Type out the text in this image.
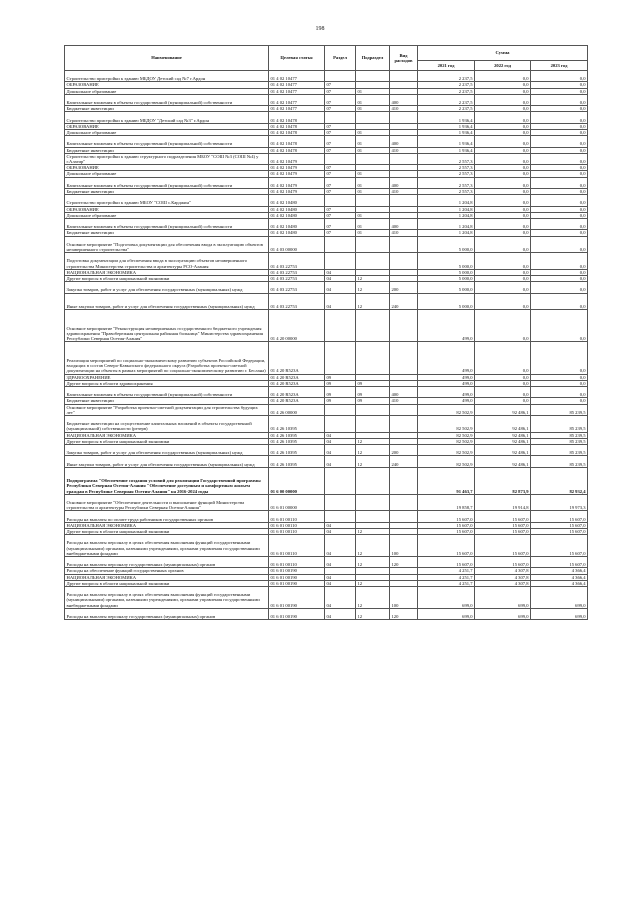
198
Наименование	Целевая статья	Раздел	Подраздел	Вид расходов	Сумма		
					2021 год	2022 год	2023 год
Строительство пристройки к зданию МБДОУ Детский сад №7 г.Ардон	01 4 02 10477				2 237,5	0,0	0,0
ОБРАЗОВАНИЕ	01 4 02 10477	07			2 237,5	0,0	0,0
Дошкольное образование	01 4 02 10477	07	01		2 237,5	0,0	0,0
Капитальные вложения в объекты государственной (муниципальной) собственности	01 4 02 10477	07	01	400	2 237,5	0,0	0,0
Бюджетные инвестиции	01 4 02 10477	07	01	410	2 237,5	0,0	0,0
Строительство пристройки к зданию МБДОУ "Детский сад №3" г.Ардон	01 4 02 10478				1 936,4	0,0	0,0
ОБРАЗОВАНИЕ	01 4 02 10478	07			1 936,4	0,0	0,0
Дошкольное образование	01 4 02 10478	07	01		1 936,4	0,0	0,0
Капитальные вложения в объекты государственной (муниципальной) собственности	01 4 02 10478	07	01	400	1 936,4	0,0	0,0
Бюджетные инвестиции	01 4 02 10478	07	01	410	1 936,4	0,0	0,0
Строительство пристройки к зданию структурного подразделения МБОУ "СОШ №3 (СОШ №4) у г.Алагир"	01 4 02 10479				2 557,3	0,0	0,0
ОБРАЗОВАНИЕ	01 4 02 10479	07			2 557,3	0,0	0,0
Дошкольное образование	01 4 02 10479	07	01		2 557,3	0,0	0,0
Капитальные вложения в объекты государственной (муниципальной) собственности	01 4 02 10479	07	01	400	2 557,3	0,0	0,0
Бюджетные инвестиции	01 4 02 10479	07	01	410	2 557,3	0,0	0,0
Строительство пристройки к зданию МБОУ "СОШ с.Карджин"	01 4 02 10480				1 204,8	0,0	0,0
ОБРАЗОВАНИЕ	01 4 02 10480	07			1 204,8	0,0	0,0
Дошкольное образование	01 4 02 10480	07	01		1 204,8	0,0	0,0
Капитальные вложения в объекты государственной (муниципальной) собственности	01 4 02 10480	07	01	400	1 204,8	0,0	0,0
Бюджетные инвестиции	01 4 02 10480	07	01	410	1 204,8	0,0	0,0
Основное мероприятие "Подготовка документации для обеспечения ввода в эксплуатацию объектов незавершенного строительства"	01 4 03 00000				5 000,0	0,0	0,0
Подготовка документации для обеспечения ввода в эксплуатацию объектов незавершенного строительства Министерства строительства и архитектуры РСО-Алания	01 4 03 22753				5 000,0	0,0	0,0
НАЦИОНАЛЬНАЯ ЭКОНОМИКА	01 4 03 22753	04			5 000,0	0,0	0,0
Другие вопросы в области национальной экономики	01 4 03 22753	04	12		5 000,0	0,0	0,0
Закупка товаров, работ и услуг для обеспечения государственных (муниципальных) нужд	01 4 03 22753	04	12	200	5 000,0	0,0	0,0
Иные закупки товаров, работ и услуг для обеспечения государственных (муниципальных) нужд	01 4 03 22753	04	12	240	5 000,0	0,0	0,0
Основное мероприятие "Реконструкция незавершенных государственного бюджетного учреждения здравоохранения "Правобережная центральная районная больница" Министерства здравоохранения Республики Северная Осетия-Алания"	01 4 20 00000				499,0	0,0	0,0
Реализация мероприятий по социально-экономическому развитию субъектов Российской Федерации, входящих в состав Северо-Кавказского федерального округа (Разработка проектно-сметной документации на объекты в рамках мероприятий по социально-экономическому развитию г. Беслана)	01 4 20 R523A				499,0	0,0	0,0
ЗДРАВООХРАНЕНИЕ	01 4 20 R523A	09			499,0	0,0	0,0
Другие вопросы в области здравоохранения	01 4 20 R523A	09	09		499,0	0,0	0,0
Капитальные вложения в объекты государственной (муниципальной) собственности	01 4 20 R523A	09	09	400	499,0	0,0	0,0
Бюджетные инвестиции	01 4 20 R523A	09	09	410	499,0	0,0	0,0
Основное мероприятие "Разработка проектно-сметной документации для строительства будущих лет"	01 4 26 00000				82 502,9	92 486,1	85 239,5
Бюджетные инвестиции на осуществление капитальных вложений в объекты государственной (муниципальной) собственности (резерв)	01 4 26 10395				82 502,9	92 486,1	85 239,5
НАЦИОНАЛЬНАЯ ЭКОНОМИКА	01 4 26 10395	04			82 502,9	92 486,1	85 239,5
Другие вопросы в области национальной экономики	01 4 26 10395	04	12		82 502,9	92 486,1	85 239,5
Закупка товаров, работ и услуг для обеспечения государственных (муниципальных) нужд	01 4 26 10395	04	12	200	82 502,9	92 486,1	85 239,5
Иные закупки товаров, работ и услуг для обеспечения государственных (муниципальных) нужд	01 4 26 10395	04	12	240	82 502,9	92 486,1	85 239,5
Подпрограмма "Обеспечение создания условий для реализации Государственной программы Республики Северная Осетия-Алания "Обеспечение доступным и комфортным жильем граждан в Республике Северная Осетия-Алания" на 2016-2024 годы	01 6 00 00000				91 463,7	82 873,9	82 932,4
Основное мероприятие "Обеспечение деятельности и выполнение функций Министерства строительства и архитектуры Республики Северная Осетия-Алания"	01 6 01 00000				19 858,7	19 914,8	19 973,3
Расходы на выплаты по оплате труда работников государственных органов	01 6 01 00110				15 607,0	15 607,0	15 607,0
НАЦИОНАЛЬНАЯ ЭКОНОМИКА	01 6 01 00110	04			15 607,0	15 607,0	15 607,0
Другие вопросы в области национальной экономики	01 6 01 00110	04	12		15 607,0	15 607,0	15 607,0
Расходы на выплаты персоналу в целях обеспечения выполнения функций государственными (муниципальными) органами, казенными учреждениями, органами управления государственными внебюджетными фондами	01 6 01 00110	04	12	100	15 607,0	15 607,0	15 607,0
Расходы на выплаты персоналу государственных (муниципальных) органов	01 6 01 00110	04	12	120	15 607,0	15 607,0	15 607,0
Расходы на обеспечение функций государственных органов	01 6 01 00190				4 251,7	4 307,8	4 366,4
НАЦИОНАЛЬНАЯ ЭКОНОМИКА	01 6 01 00190	04			4 251,7	4 307,8	4 366,4
Другие вопросы в области национальной экономики	01 6 01 00190	04	12		4 251,7	4 307,8	4 366,4
Расходы на выплаты персоналу в целях обеспечения выполнения функций государственными (муниципальными) органами, казенными учреждениями, органами управления государственными внебюджетными фондами	01 6 01 00190	04	12	100	699,0	699,0	699,0
Расходы на выплаты персоналу государственных (муниципальных) органов	01 6 01 00190	04	12	120	699,0	699,0	699,0
